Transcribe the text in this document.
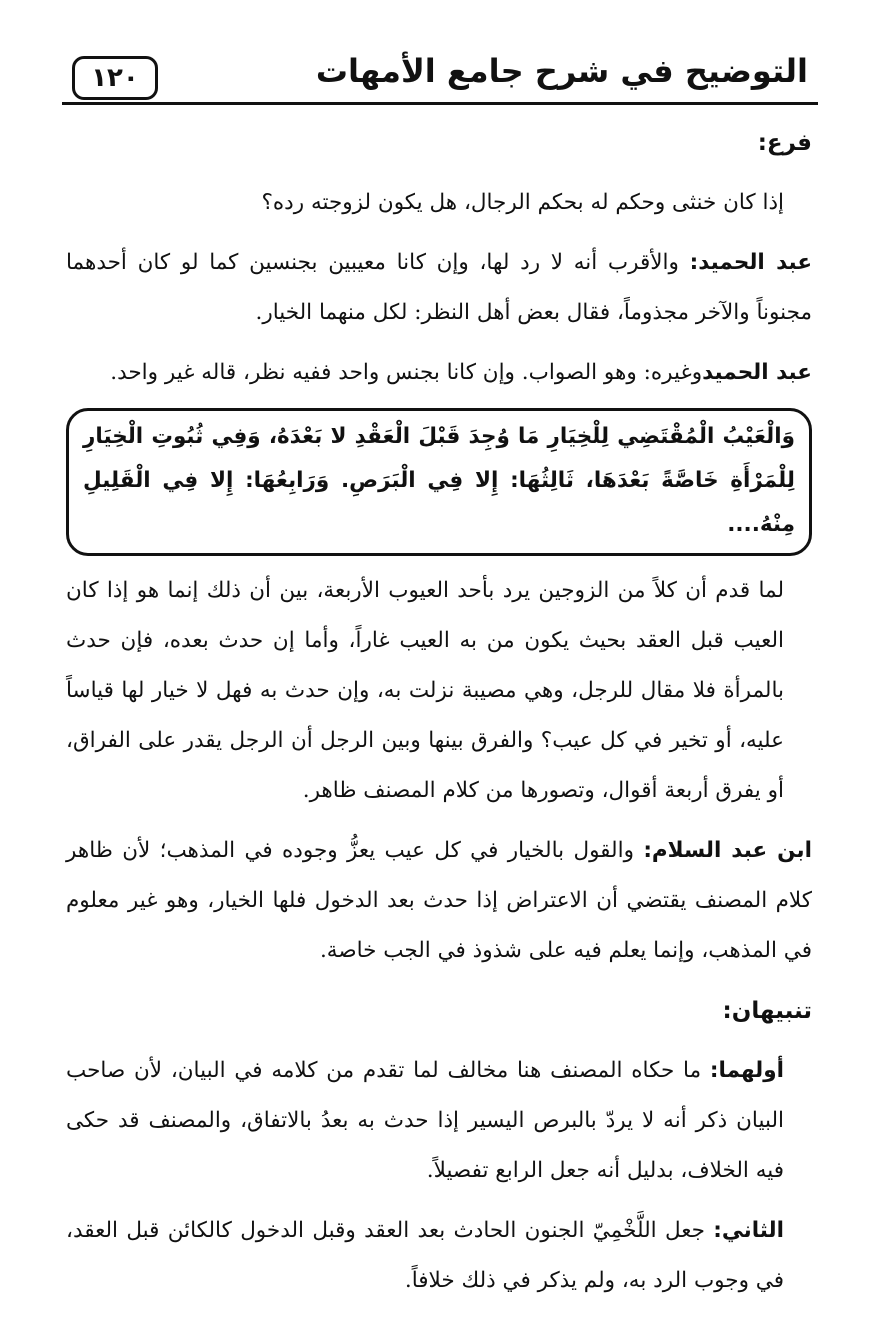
١٢٠	التوضيح في شرح جامع الأمهات

فرع:

إذا كان خنثى وحكم له بحكم الرجال، هل يكون لزوجته رده؟

عبد الحميد: والأقرب أنه لا رد لها، وإن كانا معيبين بجنسين كما لو كان أحدهما مجنوناً والآخر مجذوماً، فقال بعض أهل النظر: لكل منهما الخيار.

عبد الحميدوغيره: وهو الصواب. وإن كانا بجنس واحد ففيه نظر، قاله غير واحد.

وَالْعَيْبُ الْمُقْتَضِي لِلْخِيَارِ مَا وُجِدَ قَبْلَ الْعَقْدِ لا بَعْدَهُ، وَفِي ثُبُوتِ الْخِيَارِ لِلْمَرْأَةِ خَاصَّةً بَعْدَهَا، ثَالِثُهَا: إِلا فِي الْبَرَصِ. وَرَابِعُهَا: إِلا فِي الْقَلِيلِ مِنْهُ....

لما قدم أن كلاً من الزوجين يرد بأحد العيوب الأربعة، بين أن ذلك إنما هو إذا كان العيب قبل العقد بحيث يكون من به العيب غاراً، وأما إن حدث بعده، فإن حدث بالمرأة فلا مقال للرجل، وهي مصيبة نزلت به، وإن حدث به فهل لا خيار لها قياساً عليه، أو تخير في كل عيب؟ والفرق بينها وبين الرجل أن الرجل يقدر على الفراق، أو يفرق أربعة أقوال، وتصورها من كلام المصنف ظاهر.

ابن عبد السلام: والقول بالخيار في كل عيب يعزُّ وجوده في المذهب؛ لأن ظاهر كلام المصنف يقتضي أن الاعتراض إذا حدث بعد الدخول فلها الخيار، وهو غير معلوم في المذهب، وإنما يعلم فيه على شذوذ في الجب خاصة.

تنبيهان:

أولهما: ما حكاه المصنف هنا مخالف لما تقدم من كلامه في البيان، لأن صاحب البيان ذكر أنه لا يردّ بالبرص اليسير إذا حدث به بعدُ بالاتفاق، والمصنف قد حكى فيه الخلاف، بدليل أنه جعل الرابع تفصيلاً.

الثاني: جعل اللَّخْمِيّ الجنون الحادث بعد العقد وقبل الدخول كالكائن قبل العقد، في وجوب الرد به، ولم يذكر في ذلك خلافاً.
